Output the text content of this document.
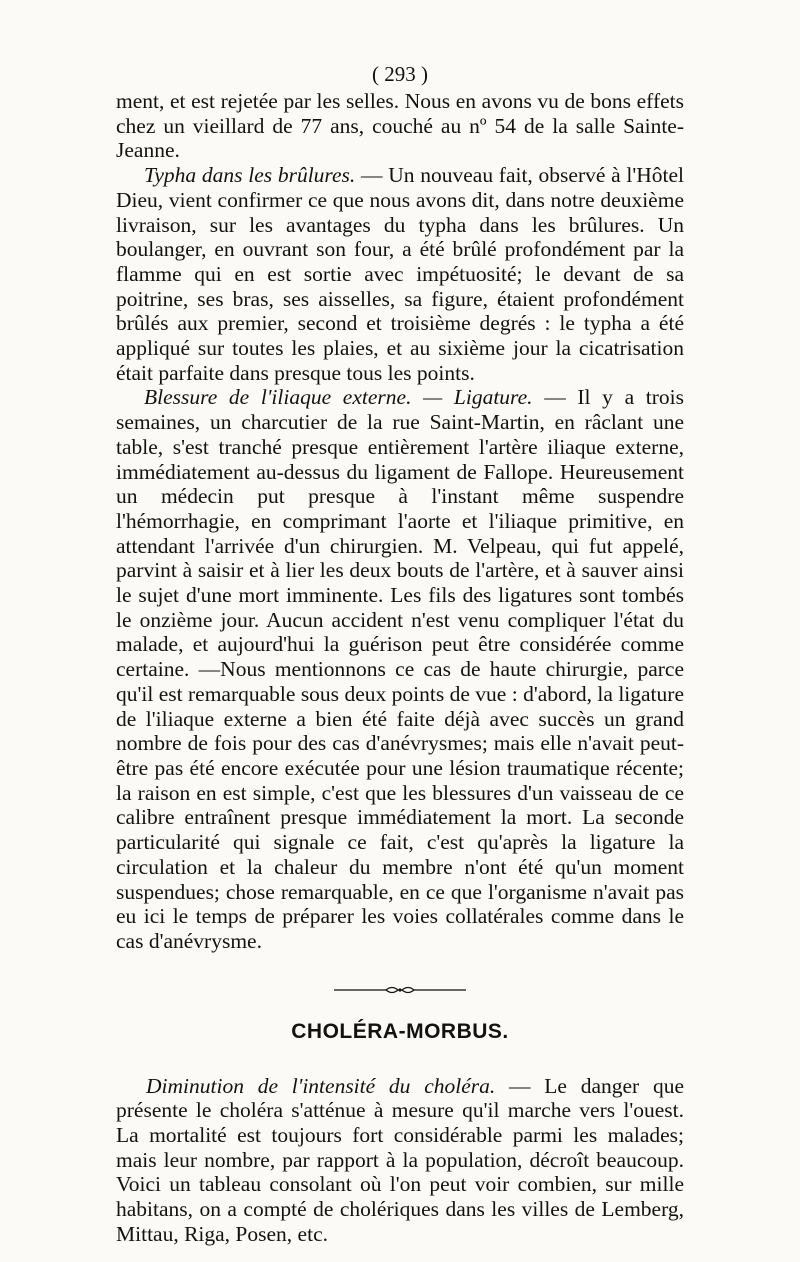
( 293 )

ment, et est rejetée par les selles. Nous en avons vu de bons effets chez un vieillard de 77 ans, couché au nº 54 de la salle Sainte-Jeanne.

Typha dans les brûlures. — Un nouveau fait, observé à l'Hôtel Dieu, vient confirmer ce que nous avons dit, dans notre deuxième livraison, sur les avantages du typha dans les brûlures. Un boulanger, en ouvrant son four, a été brûlé profondément par la flamme qui en est sortie avec impétuosité; le devant de sa poitrine, ses bras, ses aisselles, sa figure, étaient profondément brûlés aux premier, second et troisième degrés : le typha a été appliqué sur toutes les plaies, et au sixième jour la cicatrisation était parfaite dans presque tous les points.

Blessure de l'iliaque externe. — Ligature. — Il y a trois semaines, un charcutier de la rue Saint-Martin, en râclant une table, s'est tranché presque entièrement l'artère iliaque externe, immédiatement au-dessus du ligament de Fallope. Heureusement un médecin put presque à l'instant même suspendre l'hémorrhagie, en comprimant l'aorte et l'iliaque primitive, en attendant l'arrivée d'un chirurgien. M. Velpeau, qui fut appelé, parvint à saisir et à lier les deux bouts de l'artère, et à sauver ainsi le sujet d'une mort imminente. Les fils des ligatures sont tombés le onzième jour. Aucun accident n'est venu compliquer l'état du malade, et aujourd'hui la guérison peut être considérée comme certaine. —Nous mentionnons ce cas de haute chirurgie, parce qu'il est remarquable sous deux points de vue : d'abord, la ligature de l'iliaque externe a bien été faite déjà avec succès un grand nombre de fois pour des cas d'anévrysmes; mais elle n'avait peut-être pas été encore exécutée pour une lésion traumatique récente; la raison en est simple, c'est que les blessures d'un vaisseau de ce calibre entraînent presque immédiatement la mort. La seconde particularité qui signale ce fait, c'est qu'après la ligature la circulation et la chaleur du membre n'ont été qu'un moment suspendues; chose remarquable, en ce que l'organisme n'avait pas eu ici le temps de préparer les voies collatérales comme dans le cas d'anévrysme.

CHOLÉRA-MORBUS.

Diminution de l'intensité du choléra. — Le danger que présente le choléra s'atténue à mesure qu'il marche vers l'ouest. La mortalité est toujours fort considérable parmi les malades; mais leur nombre, par rapport à la population, décroît beaucoup. Voici un tableau consolant où l'on peut voir combien, sur mille habitans, on a compté de cholériques dans les villes de Lemberg, Mittau, Riga, Posen, etc.
